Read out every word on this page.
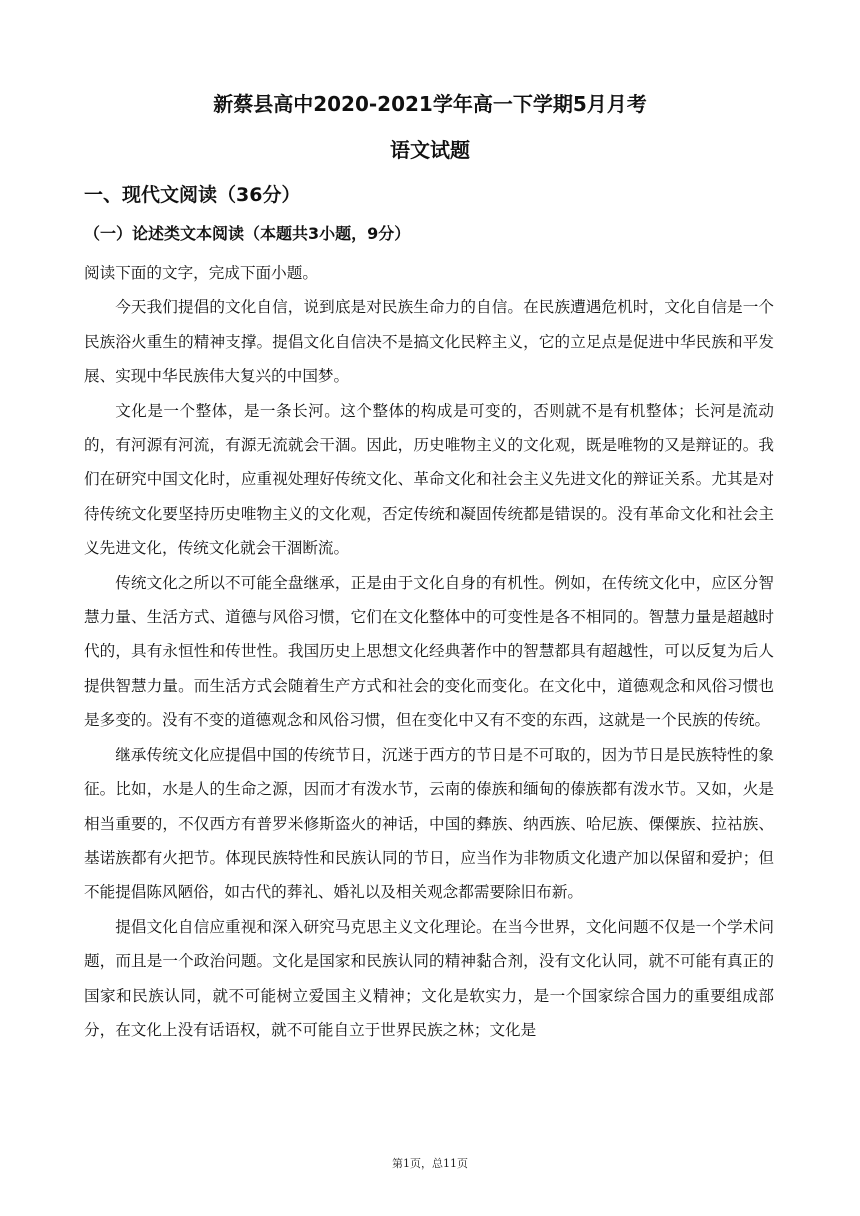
新蔡县高中2020-2021学年高一下学期5月月考
语文试题
一、现代文阅读（36分）
（一）论述类文本阅读（本题共3小题，9分）

阅读下面的文字，完成下面小题。

今天我们提倡的文化自信，说到底是对民族生命力的自信。在民族遭遇危机时，文化自信是一个民族浴火重生的精神支撑。提倡文化自信决不是搞文化民粹主义，它的立足点是促进中华民族和平发展、实现中华民族伟大复兴的中国梦。

文化是一个整体，是一条长河。这个整体的构成是可变的，否则就不是有机整体；长河是流动的，有河源有河流，有源无流就会干涸。因此，历史唯物主义的文化观，既是唯物的又是辩证的。我们在研究中国文化时，应重视处理好传统文化、革命文化和社会主义先进文化的辩证关系。尤其是对待传统文化要坚持历史唯物主义的文化观，否定传统和凝固传统都是错误的。没有革命文化和社会主义先进文化，传统文化就会干涸断流。

传统文化之所以不可能全盘继承，正是由于文化自身的有机性。例如，在传统文化中，应区分智慧力量、生活方式、道德与风俗习惯，它们在文化整体中的可变性是各不相同的。智慧力量是超越时代的，具有永恒性和传世性。我国历史上思想文化经典著作中的智慧都具有超越性，可以反复为后人提供智慧力量。而生活方式会随着生产方式和社会的变化而变化。在文化中，道德观念和风俗习惯也是多变的。没有不变的道德观念和风俗习惯，但在变化中又有不变的东西，这就是一个民族的传统。

继承传统文化应提倡中国的传统节日，沉迷于西方的节日是不可取的，因为节日是民族特性的象征。比如，水是人的生命之源，因而才有泼水节，云南的傣族和缅甸的傣族都有泼水节。又如，火是相当重要的，不仅西方有普罗米修斯盗火的神话，中国的彝族、纳西族、哈尼族、傈僳族、拉祜族、基诺族都有火把节。体现民族特性和民族认同的节日，应当作为非物质文化遗产加以保留和爱护；但不能提倡陈风陋俗，如古代的葬礼、婚礼以及相关观念都需要除旧布新。

提倡文化自信应重视和深入研究马克思主义文化理论。在当今世界，文化问题不仅是一个学术问题，而且是一个政治问题。文化是国家和民族认同的精神黏合剂，没有文化认同，就不可能有真正的国家和民族认同，就不可能树立爱国主义精神；文化是软实力，是一个国家综合国力的重要组成部分，在文化上没有话语权，就不可能自立于世界民族之林；文化是

第1页，总11页
